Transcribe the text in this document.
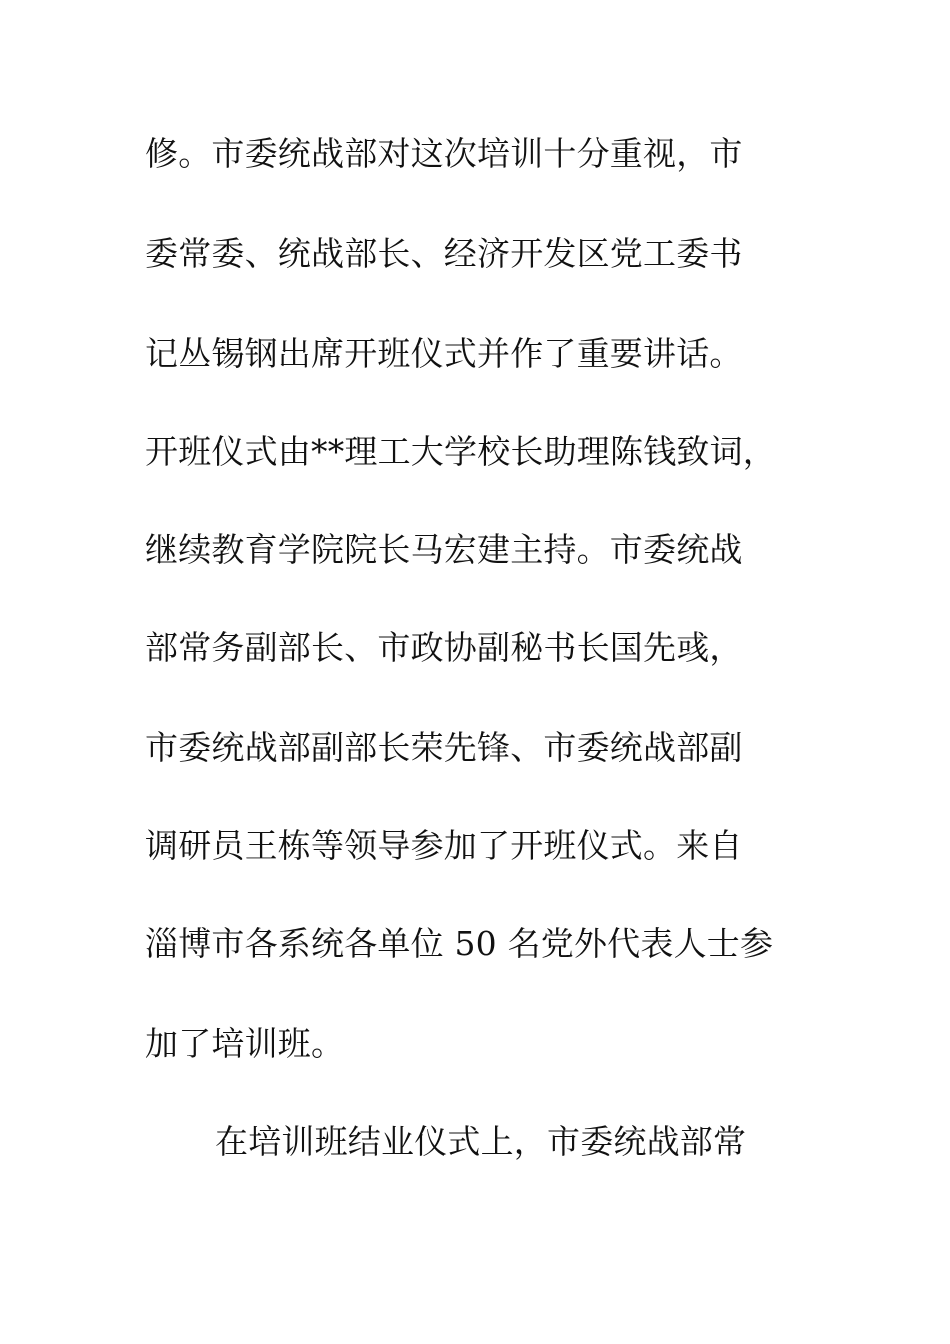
修。市委统战部对这次培训十分重视，市

委常委、统战部长、经济开发区党工委书

记丛锡钢出席开班仪式并作了重要讲话。

开班仪式由**理工大学校长助理陈钱致词，

继续教育学院院长马宏建主持。市委统战

部常务副部长、市政协副秘书长国先彧，

市委统战部副部长荣先锋、市委统战部副

调研员王栋等领导参加了开班仪式。来自

淄博市各系统各单位 50 名党外代表人士参

加了培训班。

在培训班结业仪式上，市委统战部常
